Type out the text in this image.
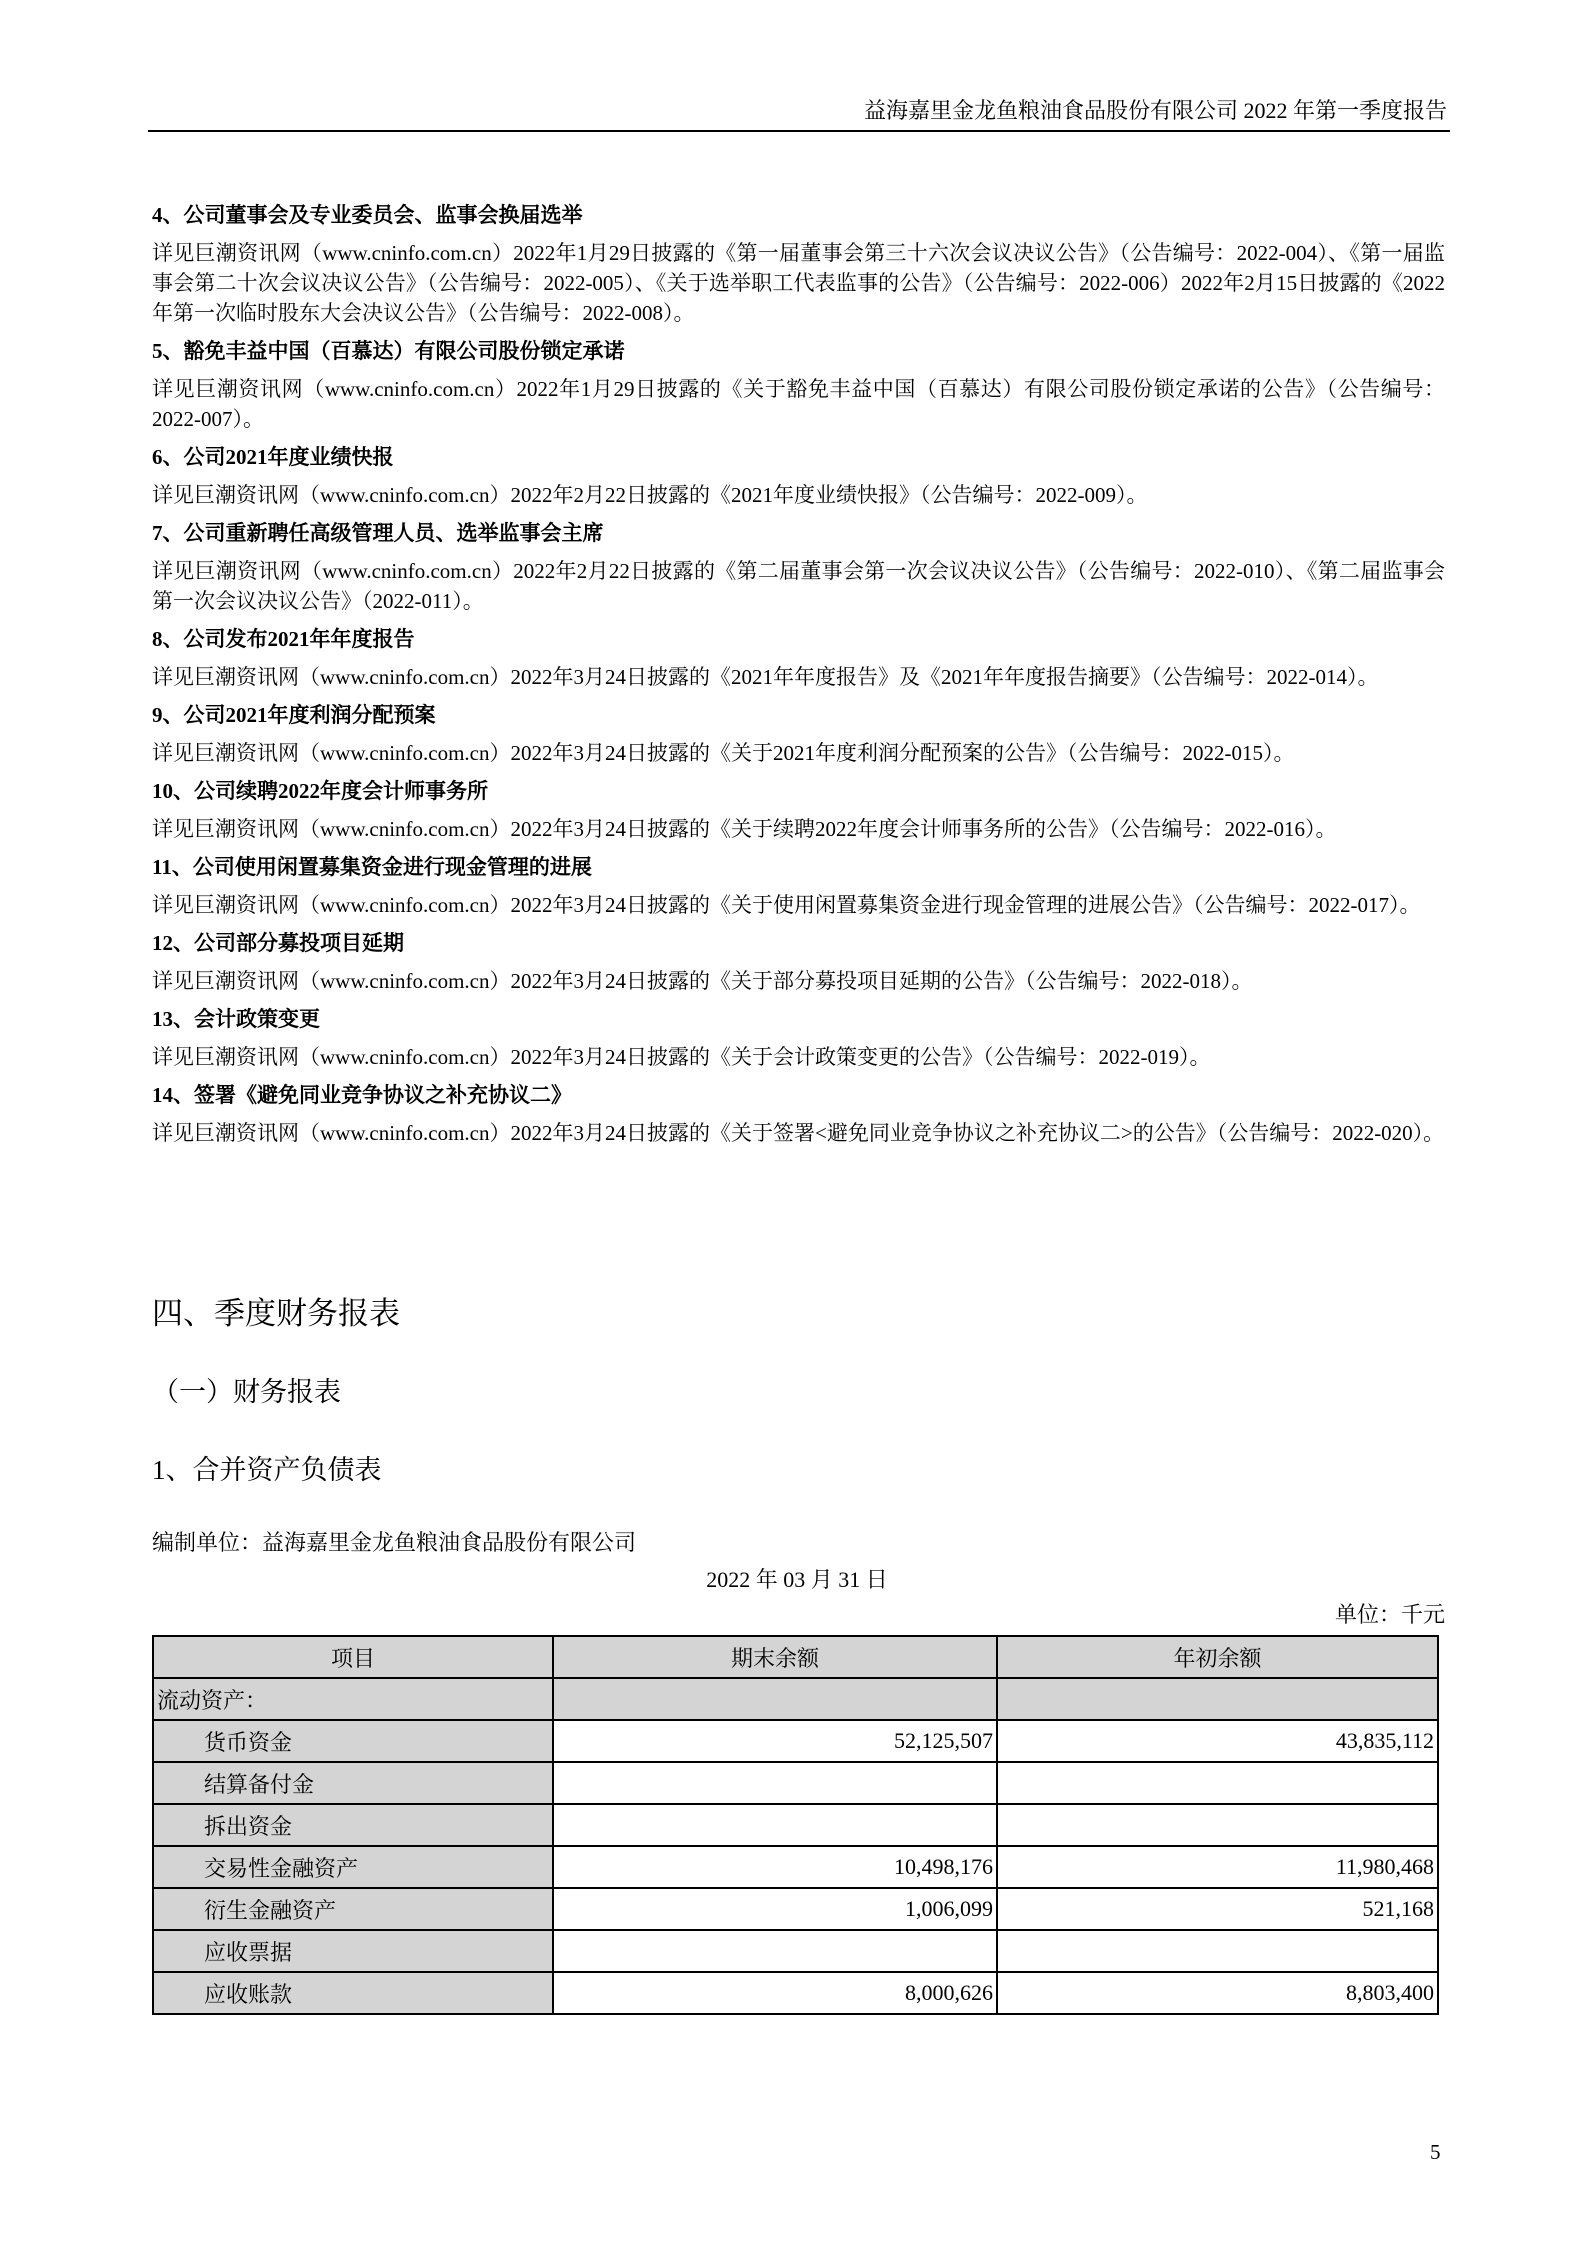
益海嘉里金龙鱼粮油食品股份有限公司 2022 年第一季度报告
4、公司董事会及专业委员会、监事会换届选举

详见巨潮资讯网（www.cninfo.com.cn）2022年1月29日披露的《第一届董事会第三十六次会议决议公告》（公告编号：2022-004）、《第一届监事会第二十次会议决议公告》（公告编号：2022-005）、《关于选举职工代表监事的公告》（公告编号：2022-006）2022年2月15日披露的《2022年第一次临时股东大会决议公告》（公告编号：2022-008）。

5、豁免丰益中国（百慕达）有限公司股份锁定承诺

详见巨潮资讯网（www.cninfo.com.cn）2022年1月29日披露的《关于豁免丰益中国（百慕达）有限公司股份锁定承诺的公告》（公告编号：2022-007）。

6、公司2021年度业绩快报

详见巨潮资讯网（www.cninfo.com.cn）2022年2月22日披露的《2021年度业绩快报》（公告编号：2022-009）。

7、公司重新聘任高级管理人员、选举监事会主席

详见巨潮资讯网（www.cninfo.com.cn）2022年2月22日披露的《第二届董事会第一次会议决议公告》（公告编号：2022-010）、《第二届监事会第一次会议决议公告》（2022-011）。

8、公司发布2021年年度报告

详见巨潮资讯网（www.cninfo.com.cn）2022年3月24日披露的《2021年年度报告》及《2021年年度报告摘要》（公告编号：2022-014）。

9、公司2021年度利润分配预案

详见巨潮资讯网（www.cninfo.com.cn）2022年3月24日披露的《关于2021年度利润分配预案的公告》（公告编号：2022-015）。

10、公司续聘2022年度会计师事务所

详见巨潮资讯网（www.cninfo.com.cn）2022年3月24日披露的《关于续聘2022年度会计师事务所的公告》（公告编号：2022-016）。

11、公司使用闲置募集资金进行现金管理的进展

详见巨潮资讯网（www.cninfo.com.cn）2022年3月24日披露的《关于使用闲置募集资金进行现金管理的进展公告》（公告编号：2022-017）。

12、公司部分募投项目延期

详见巨潮资讯网（www.cninfo.com.cn）2022年3月24日披露的《关于部分募投项目延期的公告》（公告编号：2022-018）。

13、会计政策变更

详见巨潮资讯网（www.cninfo.com.cn）2022年3月24日披露的《关于会计政策变更的公告》（公告编号：2022-019）。

14、签署《避免同业竞争协议之补充协议二》

详见巨潮资讯网（www.cninfo.com.cn）2022年3月24日披露的《关于签署<避免同业竞争协议之补充协议二>的公告》（公告编号：2022-020）。

四、季度财务报表
（一）财务报表
1、合并资产负债表
编制单位：益海嘉里金龙鱼粮油食品股份有限公司
2022 年 03 月 31 日
单位：千元
项目	期末余额	年初余额
流动资产：		
货币资金	52,125,507	43,835,112
结算备付金		
拆出资金		
交易性金融资产	10,498,176	11,980,468
衍生金融资产	1,006,099	521,168
应收票据		
应收账款	8,000,626	8,803,400
5
